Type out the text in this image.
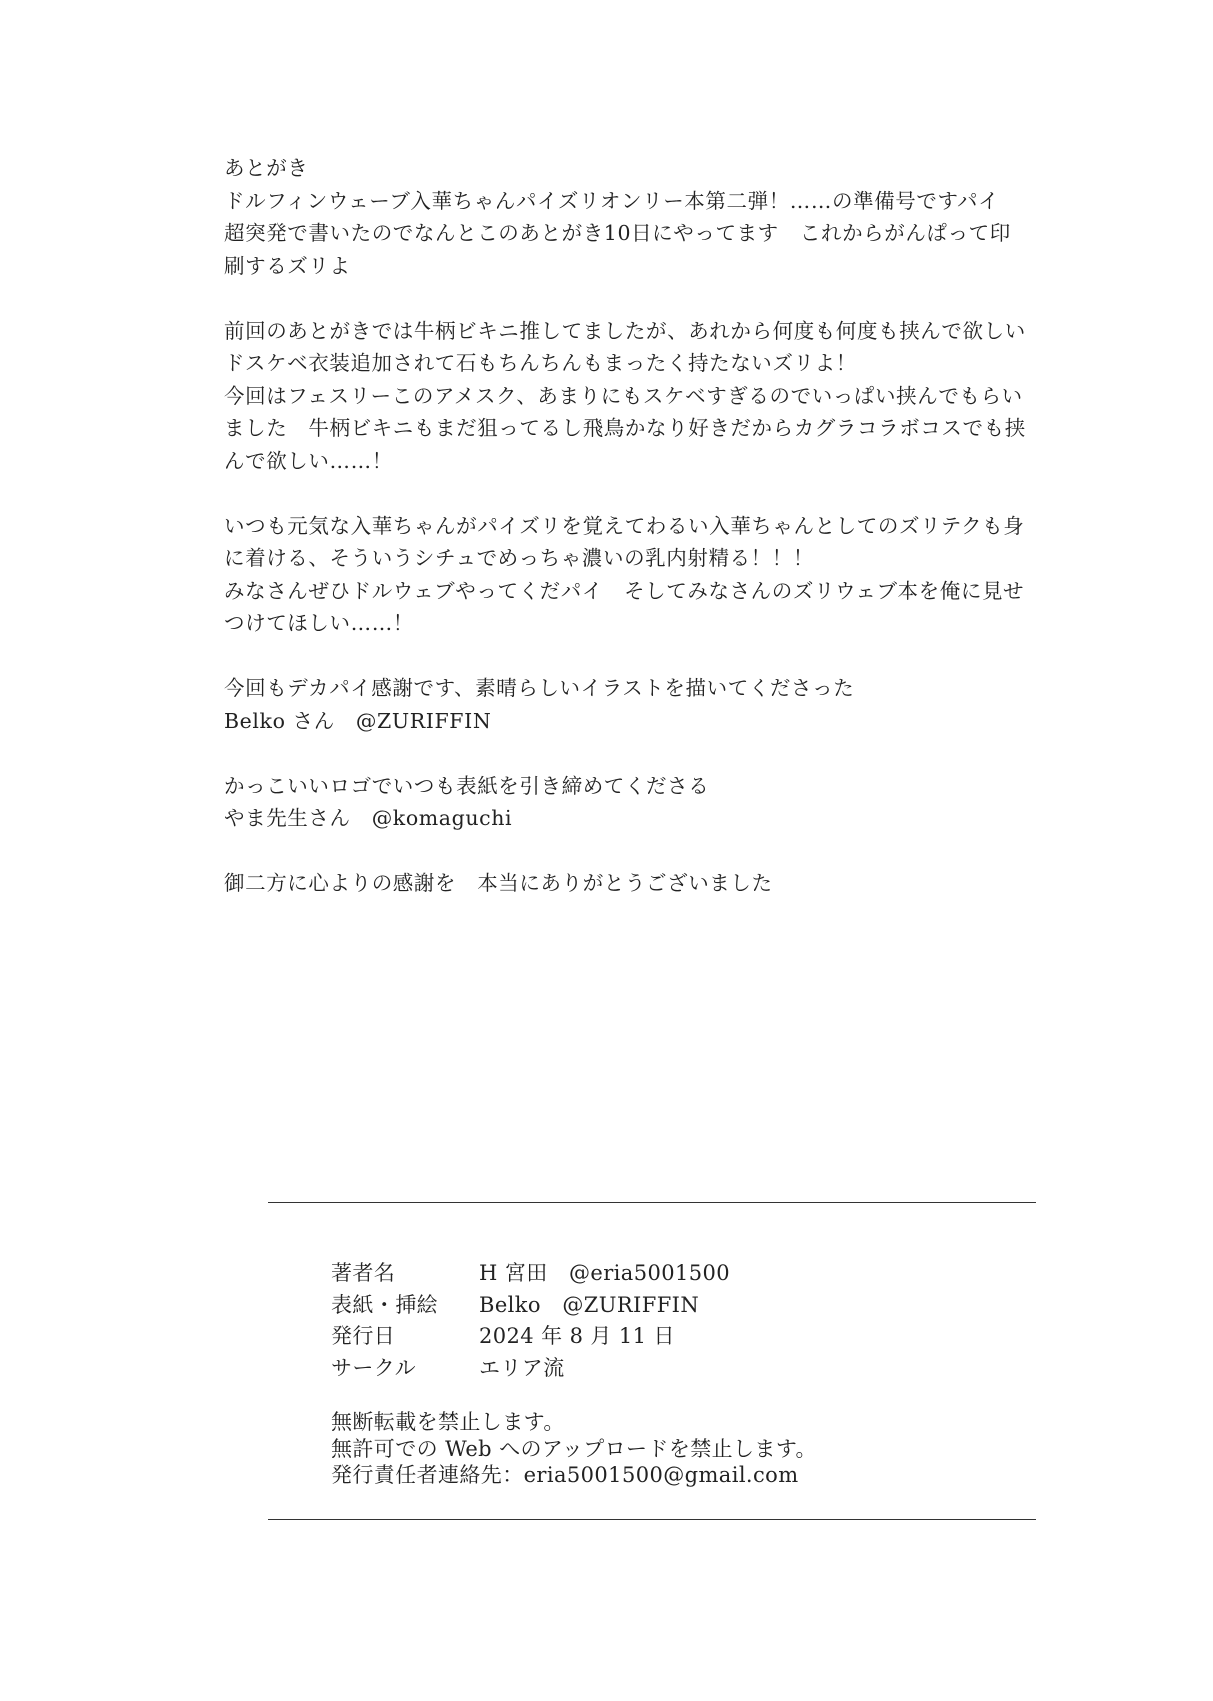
あとがき
ドルフィンウェーブ入華ちゃんパイズリオンリー本第二弾！……の準備号ですパイ
超突発で書いたのでなんとこのあとがき10日にやってます　これからがんぱって印
刷するズリよ
前回のあとがきでは牛柄ビキニ推してましたが、あれから何度も何度も挟んで欲しい
ドスケベ衣装追加されて石もちんちんもまったく持たないズリよ！
今回はフェスリーこのアメスク、あまりにもスケベすぎるのでいっぱい挟んでもらい
ました　牛柄ビキニもまだ狙ってるし飛鳥かなり好きだからカグラコラボコスでも挟
んで欲しい……！
いつも元気な入華ちゃんがパイズリを覚えてわるい入華ちゃんとしてのズリテクも身
に着ける、そういうシチュでめっちゃ濃いの乳内射精る！！！
みなさんぜひドルウェブやってくだパイ　そしてみなさんのズリウェブ本を俺に見せ
つけてほしい……！
今回もデカパイ感謝です、素晴らしいイラストを描いてくださった
Belko さん　@ZURIFFIN
かっこいいロゴでいつも表紙を引き締めてくださる
やま先生さん　@komaguchi
御二方に心よりの感謝を　本当にありがとうございました
著者名	H 宮田　@eria5001500
表紙・挿絵	Belko　@ZURIFFIN
発行日	2024 年 8 月 11 日
サークル	エリア流
無断転載を禁止します。
無許可での Web へのアップロードを禁止します。
発行責任者連絡先：eria5001500@gmail.com
